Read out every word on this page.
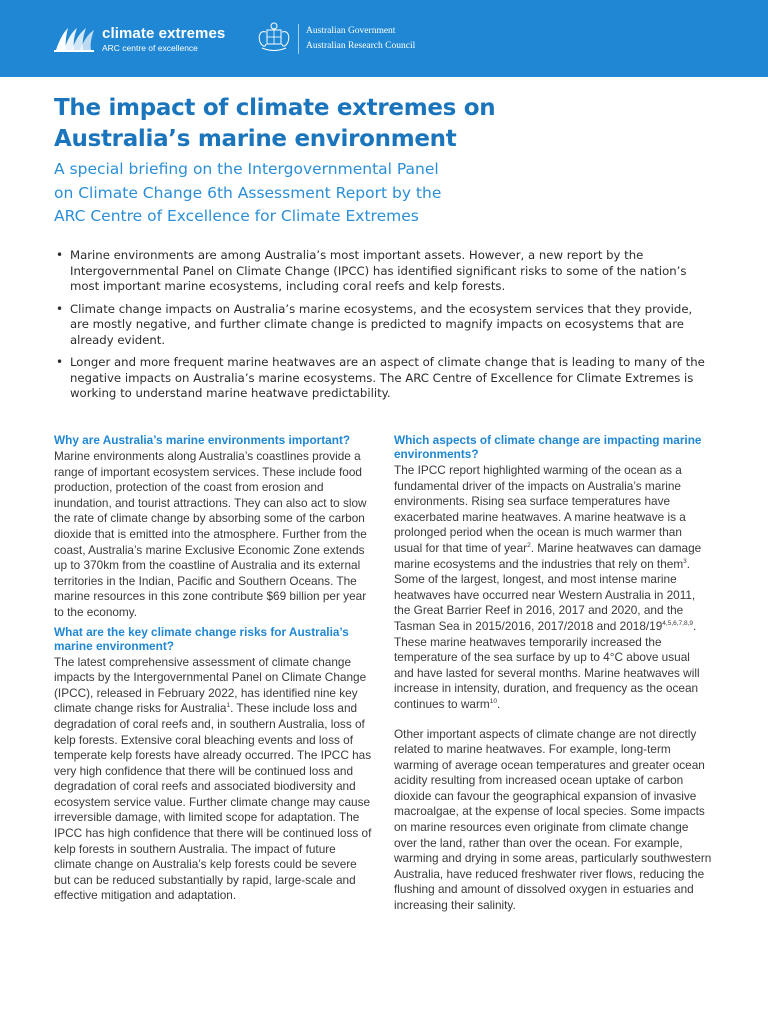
climate extremes
ARC centre of excellence
Australian Government
Australian Research Council
The impact of climate extremes on
Australia’s marine environment

A special briefing on the Intergovernmental Panel
on Climate Change 6th Assessment Report by the
ARC Centre of Excellence for Climate Extremes

• Marine environments are among Australia’s most important assets. However, a new report by the Intergovernmental Panel on Climate Change (IPCC) has identified significant risks to some of the nation’s most important marine ecosystems, including coral reefs and kelp forests.
• Climate change impacts on Australia’s marine ecosystems, and the ecosystem services that they provide, are mostly negative, and further climate change is predicted to magnify impacts on ecosystems that are already evident.
• Longer and more frequent marine heatwaves are an aspect of climate change that is leading to many of the negative impacts on Australia’s marine ecosystems. The ARC Centre of Excellence for Climate Extremes is working to understand marine heatwave predictability.
Why are Australia’s marine environments important?

Marine environments along Australia’s coastlines provide a range of important ecosystem services. These include food production, protection of the coast from erosion and inundation, and tourist attractions. They can also act to slow the rate of climate change by absorbing some of the carbon dioxide that is emitted into the atmosphere. Further from the coast, Australia’s marine Exclusive Economic Zone extends up to 370km from the coastline of Australia and its external territories in the Indian, Pacific and Southern Oceans. The marine resources in this zone contribute $69 billion per year to the economy.

What are the key climate change risks for Australia’s marine environment?

The latest comprehensive assessment of climate change impacts by the Intergovernmental Panel on Climate Change (IPCC), released in February 2022, has identified nine key climate change risks for Australia$^1$. These include loss and degradation of coral reefs and, in southern Australia, loss of kelp forests. Extensive coral bleaching events and loss of temperate kelp forests have already occurred. The IPCC has very high confidence that there will be continued loss and degradation of coral reefs and associated biodiversity and ecosystem service value. Further climate change may cause irreversible damage, with limited scope for adaptation. The IPCC has high confidence that there will be continued loss of kelp forests in southern Australia. The impact of future climate change on Australia’s kelp forests could be severe but can be reduced substantially by rapid, large-scale and effective mitigation and adaptation.

Which aspects of climate change are impacting marine environments?

The IPCC report highlighted warming of the ocean as a fundamental driver of the impacts on Australia’s marine environments. Rising sea surface temperatures have exacerbated marine heatwaves. A marine heatwave is a prolonged period when the ocean is much warmer than usual for that time of year$^2$. Marine heatwaves can damage marine ecosystems and the industries that rely on them$^3$. Some of the largest, longest, and most intense marine heatwaves have occurred near Western Australia in 2011, the Great Barrier Reef in 2016, 2017 and 2020, and the Tasman Sea in 2015/2016, 2017/2018 and 2018/19$^{4,5,6,7,8,9}$. These marine heatwaves temporarily increased the temperature of the sea surface by up to 4°C above usual and have lasted for several months. Marine heatwaves will increase in intensity, duration, and frequency as the ocean continues to warm$^{10}$.

Other important aspects of climate change are not directly related to marine heatwaves. For example, long-term warming of average ocean temperatures and greater ocean acidity resulting from increased ocean uptake of carbon dioxide can favour the geographical expansion of invasive macroalgae, at the expense of local species. Some impacts on marine resources even originate from climate change over the land, rather than over the ocean. For example, warming and drying in some areas, particularly southwestern Australia, have reduced freshwater river flows, reducing the flushing and amount of dissolved oxygen in estuaries and increasing their salinity.
